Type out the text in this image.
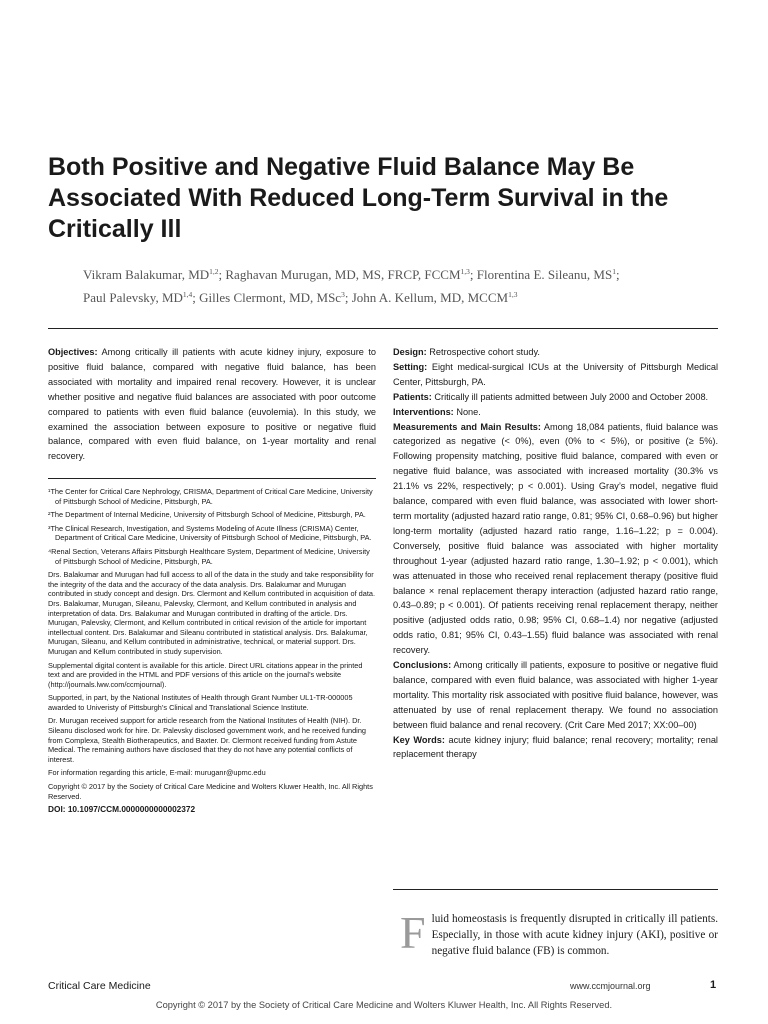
Both Positive and Negative Fluid Balance May Be Associated With Reduced Long-Term Survival in the Critically Ill
Vikram Balakumar, MD$^{1,2}$; Raghavan Murugan, MD, MS, FRCP, FCCM$^{1,3}$; Florentina E. Sileanu, $MS^1$;
Paul Palevsky, MD$^{1,4}$; Gilles Clermont, MD, MSc$^3$; John A. Kellum, MD, MCCM$^{1,3}$

Objectives: Among critically ill patients with acute kidney injury, exposure to positive fluid balance, compared with negative fluid balance, has been associated with mortality and impaired renal recovery. However, it is unclear whether positive and negative fluid balances are associated with poor outcome compared to patients with even fluid balance (euvolemia). In this study, we examined the association between exposure to positive or negative fluid balance, compared with even fluid balance, on 1-year mortality and renal recovery.

¹The Center for Critical Care Nephrology, CRISMA, Department of Critical Care Medicine, University of Pittsburgh School of Medicine, Pittsburgh, PA.

²The Department of Internal Medicine, University of Pittsburgh School of Medicine, Pittsburgh, PA.

³The Clinical Research, Investigation, and Systems Modeling of Acute Illness (CRISMA) Center, Department of Critical Care Medicine, University of Pittsburgh School of Medicine, Pittsburgh, PA.

⁴Renal Section, Veterans Affairs Pittsburgh Healthcare System, Department of Medicine, University of Pittsburgh School of Medicine, Pittsburgh, PA.

Drs. Balakumar and Murugan had full access to all of the data in the study and take responsibility for the integrity of the data and the accuracy of the data analysis. Drs. Balakumar and Murugan contributed in study concept and design. Drs. Clermont and Kellum contributed in acquisition of data. Drs. Balakumar, Murugan, Sileanu, Palevsky, Clermont, and Kellum contributed in analysis and interpretation of data. Drs. Balakumar and Murugan contributed in drafting of the article. Drs. Murugan, Palevsky, Clermont, and Kellum contributed in critical revision of the article for important intellectual content. Drs. Balakumar and Sileanu contributed in statistical analysis. Drs. Balakumar, Murugan, Sileanu, and Kellum contributed in administrative, technical, or material support. Drs. Murugan and Kellum contributed in study supervision.

Supplemental digital content is available for this article. Direct URL citations appear in the printed text and are provided in the HTML and PDF versions of this article on the journal’s website (http://journals.lww.com/ccmjournal).

Supported, in part, by the National Institutes of Health through Grant Number UL1-TR-000005 awarded to Univeristy of Pittsburgh’s Clinical and Translational Science Institute.

Dr. Murugan received support for article research from the National Institutes of Health (NIH). Dr. Sileanu disclosed work for hire. Dr. Palevsky disclosed government work, and he received funding from Complexa, Stealth Biotherapeutics, and Baxter. Dr. Clermont received funding from Astute Medical. The remaining authors have disclosed that they do not have any potential conflicts of interest.

For information regarding this article, E-mail: muruganr@upmc.edu

Copyright © 2017 by the Society of Critical Care Medicine and Wolters Kluwer Health, Inc. All Rights Reserved.

DOI: 10.1097/CCM.0000000000002372

Design: Retrospective cohort study.
Setting: Eight medical-surgical ICUs at the University of Pittsburgh Medical Center, Pittsburgh, PA.
Patients: Critically ill patients admitted between July 2000 and October 2008.
Interventions: None.
Measurements and Main Results: Among 18,084 patients, fluid balance was categorized as negative (< 0%), even (0% to < 5%), or positive (≥ 5%). Following propensity matching, positive fluid balance, compared with even or negative fluid balance, was associated with increased mortality (30.3% vs 21.1% vs 22%, respectively; p < 0.001). Using Gray’s model, negative fluid balance, compared with even fluid balance, was associated with lower short-term mortality (adjusted hazard ratio range, 0.81; 95% CI, 0.68–0.96) but higher long-term mortality (adjusted hazard ratio range, 1.16–1.22; p = 0.004). Conversely, positive fluid balance was associated with higher mortality throughout 1-year (adjusted hazard ratio range, 1.30–1.92; p < 0.001), which was attenuated in those who received renal replacement therapy (positive fluid balance × renal replacement therapy interaction (adjusted hazard ratio range, 0.43–0.89; p < 0.001). Of patients receiving renal replacement therapy, neither positive (adjusted odds ratio, 0.98; 95% CI, 0.68–1.4) nor negative (adjusted odds ratio, 0.81; 95% CI, 0.43–1.55) fluid balance was associated with renal recovery.
Conclusions: Among critically ill patients, exposure to positive or negative fluid balance, compared with even fluid balance, was associated with higher 1-year mortality. This mortality risk associated with positive fluid balance, however, was attenuated by use of renal replacement therapy. We found no association between fluid balance and renal recovery. (Crit Care Med 2017; XX:00–00)
Key Words: acute kidney injury; fluid balance; renal recovery; mortality; renal replacement therapy

Fluid homeostasis is frequently disrupted in critically ill patients. Especially, in those with acute kidney injury (AKI), positive or negative fluid balance (FB) is common.

Critical Care Medicine	www.ccmjournal.org	1
Copyright © 2017 by the Society of Critical Care Medicine and Wolters Kluwer Health, Inc. All Rights Reserved.
